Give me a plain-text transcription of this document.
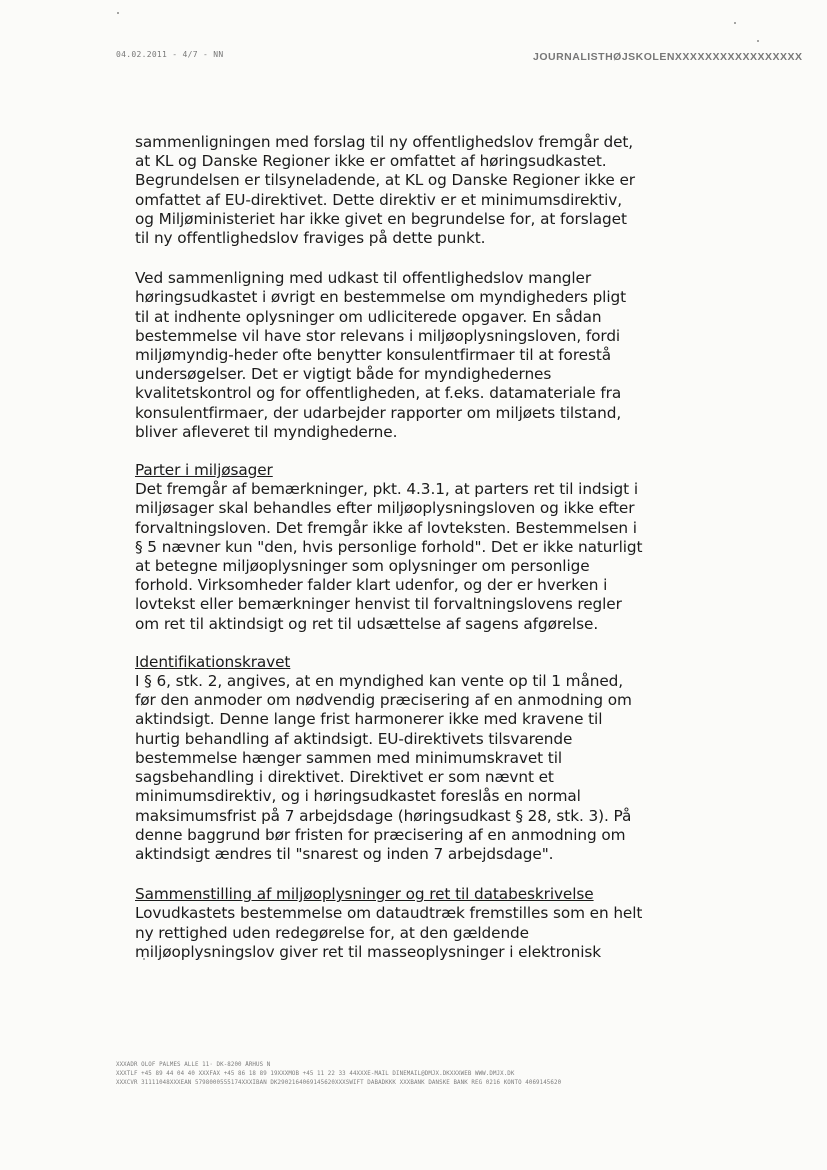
04.02.2011 - 4/7 - NN	JOURNALISTHØJSKOLENXXXXXXXXXXXXXXXXX

sammenligningen med forslag til ny offentlighedslov fremgår det, at KL og Danske Regioner ikke er omfattet af høringsudkastet. Begrundelsen er tilsyneladende, at KL og Danske Regioner ikke er omfattet af EU-direktivet. Dette direktiv er et minimumsdirektiv, og Miljøministeriet har ikke givet en begrundelse for, at forslaget til ny offentlighedslov fraviges på dette punkt.

Ved sammenligning med udkast til offentlighedslov mangler høringsudkastet i øvrigt en bestemmelse om myndigheders pligt til at indhente oplysninger om udliciterede opgaver. En sådan bestemmelse vil have stor relevans i miljøoplysningsloven, fordi miljømyndig-heder ofte benytter konsulentfirmaer til at forestå undersøgelser. Det er vigtigt både for myndighedernes kvalitetskontrol og for offentligheden, at f.eks. datamateriale fra konsulentfirmaer, der udarbejder rapporter om miljøets tilstand, bliver afleveret til myndighederne.

Parter i miljøsager

Det fremgår af bemærkninger, pkt. 4.3.1, at parters ret til indsigt i miljøsager skal behandles efter miljøoplysningsloven og ikke efter forvaltningsloven. Det fremgår ikke af lovteksten. Bestemmelsen i § 5 nævner kun "den, hvis personlige forhold". Det er ikke naturligt at betegne miljøoplysninger som oplysninger om personlige forhold. Virksomheder falder klart udenfor, og der er hverken i lovtekst eller bemærkninger henvist til forvaltningslovens regler om ret til aktindsigt og ret til udsættelse af sagens afgørelse.

Identifikationskravet

I § 6, stk. 2, angives, at en myndighed kan vente op til 1 måned, før den anmoder om nødvendig præcisering af en anmodning om aktindsigt. Denne lange frist harmonerer ikke med kravene til hurtig behandling af aktindsigt. EU-direktivets tilsvarende bestemmelse hænger sammen med minimumskravet til sagsbehandling i direktivet. Direktivet er som nævnt et minimumsdirektiv, og i høringsudkastet foreslås en normal maksimumsfrist på 7 arbejdsdage (høringsudkast § 28, stk. 3). På denne baggrund bør fristen for præcisering af en anmodning om aktindsigt ændres til "snarest og inden 7 arbejdsdage".

Sammenstilling af miljøoplysninger og ret til databeskrivelse

Lovudkastets bestemmelse om dataudtræk fremstilles som en helt ny rettighed uden redegørelse for, at den gældende miljøoplysningslov giver ret til masseoplysninger i elektronisk

XXXADR OLOF PALMES ALLÉ 11· DK-8200 ÅRHUS N
XXXTLF +45 89 44 04 40 XXXFAX +45 86 18 89 19XXXMOB +45 11 22 33 44XXXE-MAIL DINEMAIL@DMJX.DKXXXWEB WWW.DMJX.DK
XXXCVR 31111048XXXEAN 5798000555174XXXIBAN DK2902164069145620XXXSWIFT DABADKKK XXXBANK DANSKE BANK REG 0216 KONTO 4069145620
